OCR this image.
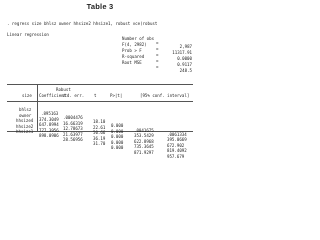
Table 3
. regress size bhlsz owner hhsize2 hhsize1, robust vce(robust
Linear regression

Number of obs

=

2,987

F(4, 2982)

=

11317.91

Prob > F

=

0.0000

R-squared

=

0.9117

Root MSE

=

248.5

Robust
size Coefficient
std. err. t	P>|t|	[95% conf. interval]

bhlsz

.895163

.0004476

18.10

0.000

.0041675

.0061334

owner

374.3049

16.66319

22.61

0.000

353.5429

395.0669

hhsize4

647.8994

12.78673

50.66

0.000

622.8968

672.902

hhsize2

777.3956

21.63977

36.19

0.000

735.3645

819.4092

hhsize1

898.0906

28.56956

31.70

0.000

871.9297

957.679
